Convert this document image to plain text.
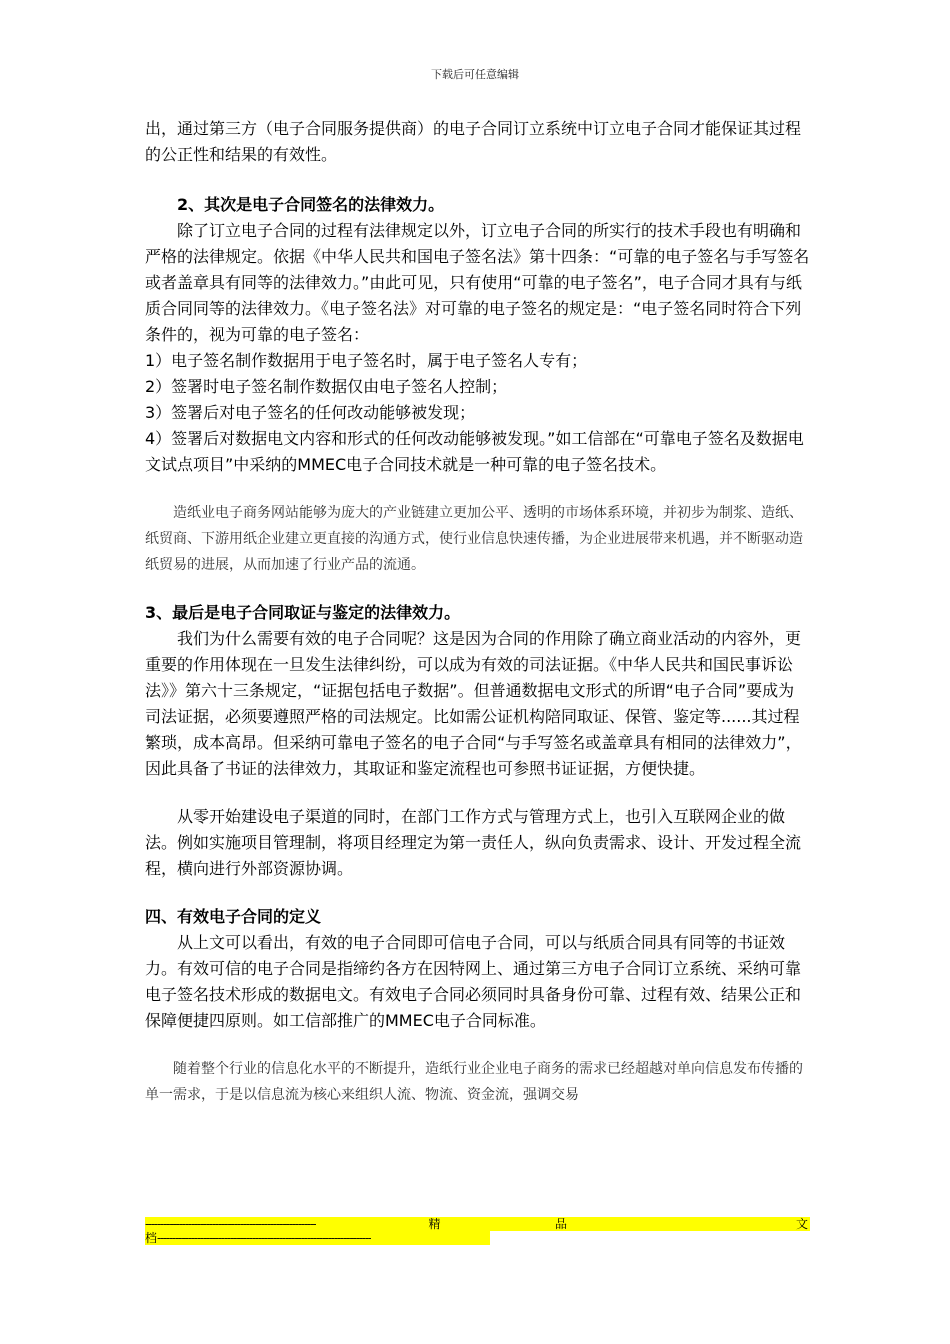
下载后可任意编辑

出，通过第三方（电子合同服务提供商）的电子合同订立系统中订立电子合同才能保证其过程的公正性和结果的有效性。

2、其次是电子合同签名的法律效力。

除了订立电子合同的过程有法律规定以外，订立电子合同的所实行的技术手段也有明确和严格的法律规定。依据《中华人民共和国电子签名法》第十四条：“可靠的电子签名与手写签名或者盖章具有同等的法律效力。”由此可见，只有使用“可靠的电子签名”，电子合同才具有与纸质合同同等的法律效力。《电子签名法》对可靠的电子签名的规定是：“电子签名同时符合下列条件的，视为可靠的电子签名：

1）电子签名制作数据用于电子签名时，属于电子签名人专有；

2）签署时电子签名制作数据仅由电子签名人控制；

3）签署后对电子签名的任何改动能够被发现；

4）签署后对数据电文内容和形式的任何改动能够被发现。”如工信部在“可靠电子签名及数据电文试点项目”中采纳的MMEC电子合同技术就是一种可靠的电子签名技术。

造纸业电子商务网站能够为庞大的产业链建立更加公平、透明的市场体系环境，并初步为制浆、造纸、纸贸商、下游用纸企业建立更直接的沟通方式，使行业信息快速传播，为企业进展带来机遇，并不断驱动造纸贸易的进展，从而加速了行业产品的流通。

3、最后是电子合同取证与鉴定的法律效力。

我们为什么需要有效的电子合同呢？这是因为合同的作用除了确立商业活动的内容外，更重要的作用体现在一旦发生法律纠纷，可以成为有效的司法证据。《中华人民共和国民事诉讼法》》第六十三条规定，“证据包括电子数据”。但普通数据电文形式的所谓“电子合同”要成为司法证据，必须要遵照严格的司法规定。比如需公证机构陪同取证、保管、鉴定等......其过程繁琐，成本高昂。但采纳可靠电子签名的电子合同“与手写签名或盖章具有相同的法律效力”，因此具备了书证的法律效力，其取证和鉴定流程也可参照书证证据，方便快捷。

从零开始建设电子渠道的同时，在部门工作方式与管理方式上，也引入互联网企业的做法。例如实施项目管理制，将项目经理定为第一责任人，纵向负责需求、设计、开发过程全流程，横向进行外部资源协调。

四、有效电子合同的定义

从上文可以看出，有效的电子合同即可信电子合同，可以与纸质合同具有同等的书证效力。有效可信的电子合同是指缔约各方在因特网上、通过第三方电子合同订立系统、采纳可靠电子签名技术形成的数据电文。有效电子合同必须同时具备身份可靠、过程有效、结果公正和保障便捷四原则。如工信部推广的MMEC电子合同标准。

随着整个行业的信息化水平的不断提升，造纸行业企业电子商务的需求已经超越对单向信息发布传播的单一需求，于是以信息流为核心来组织人流、物流、资金流，强调交易

--------------------------------------------------------	精	品	文
档 ----------------------------------------------------------------------
